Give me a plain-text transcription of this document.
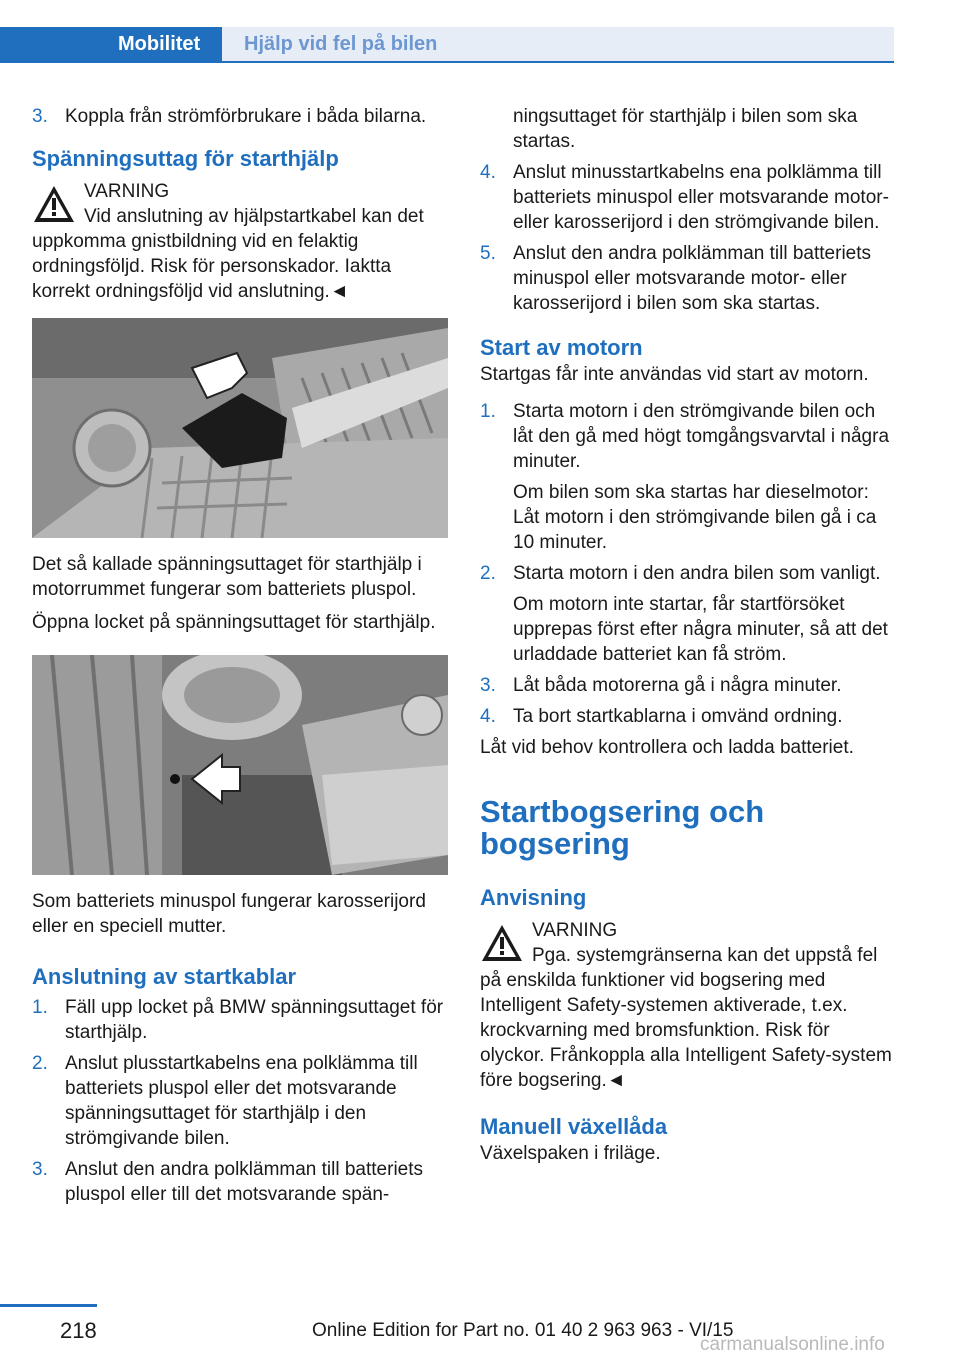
Mobilitet	Hjälp vid fel på bilen
3. Koppla från strömförbrukare i båda bilarna.
Spänningsuttag för starthjälp
VARNING
Vid anslutning av hjälpstartkabel kan det uppkomma gnistbildning vid en felaktig ordningsföljd. Risk för personskador. Iaktta korrekt ordningsföljd vid anslutning.◄

Det så kallade spänningsuttaget för starthjälp i motorrummet fungerar som batteriets pluspol.

Öppna locket på spänningsuttaget för starthjälp.

Som batteriets minuspol fungerar karosserijord eller en speciell mutter.

Anslutning av startkablar
1. Fäll upp locket på BMW spänningsuttaget för starthjälp.
2. Anslut plusstartkabelns ena polklämma till batteriets pluspol eller det motsvarande spänningsuttaget för starthjälp i den strömgivande bilen.
3. Anslut den andra polklämman till batteriets pluspol eller till det motsvarande spän-
ningsuttaget för starthjälp i bilen som ska startas.
4. Anslut minusstartkabelns ena polklämma till batteriets minuspol eller motsvarande motor- eller karosserijord i den strömgivande bilen.
5. Anslut den andra polklämman till batteriets minuspol eller motsvarande motor- eller karosserijord i bilen som ska startas.
Start av motorn

Startgas får inte användas vid start av motorn.

1. Starta motorn i den strömgivande bilen och låt den gå med högt tomgångsvarvtal i några minuter.

Om bilen som ska startas har dieselmotor: Låt motorn i den strömgivande bilen gå i ca 10 minuter.

2. Starta motorn i den andra bilen som vanligt.

Om motorn inte startar, får startförsöket upprepas först efter några minuter, så att det urladdade batteriet kan få ström.

3. Låt båda motorerna gå i några minuter.
4. Ta bort startkablarna i omvänd ordning.

Låt vid behov kontrollera och ladda batteriet.

Startbogsering och bogsering
Anvisning
VARNING
Pga. systemgränserna kan det uppstå fel på enskilda funktioner vid bogsering med Intelligent Safety-systemen aktiverade, t.ex. krockvarning med bromsfunktion. Risk för olyckor. Frånkoppla alla Intelligent Safety-system före bogsering.◄
Manuell växellåda

Växelspaken i friläge.

218	Online Edition for Part no. 01 40 2 963 963 - VI/15
carmanualsonline.info
